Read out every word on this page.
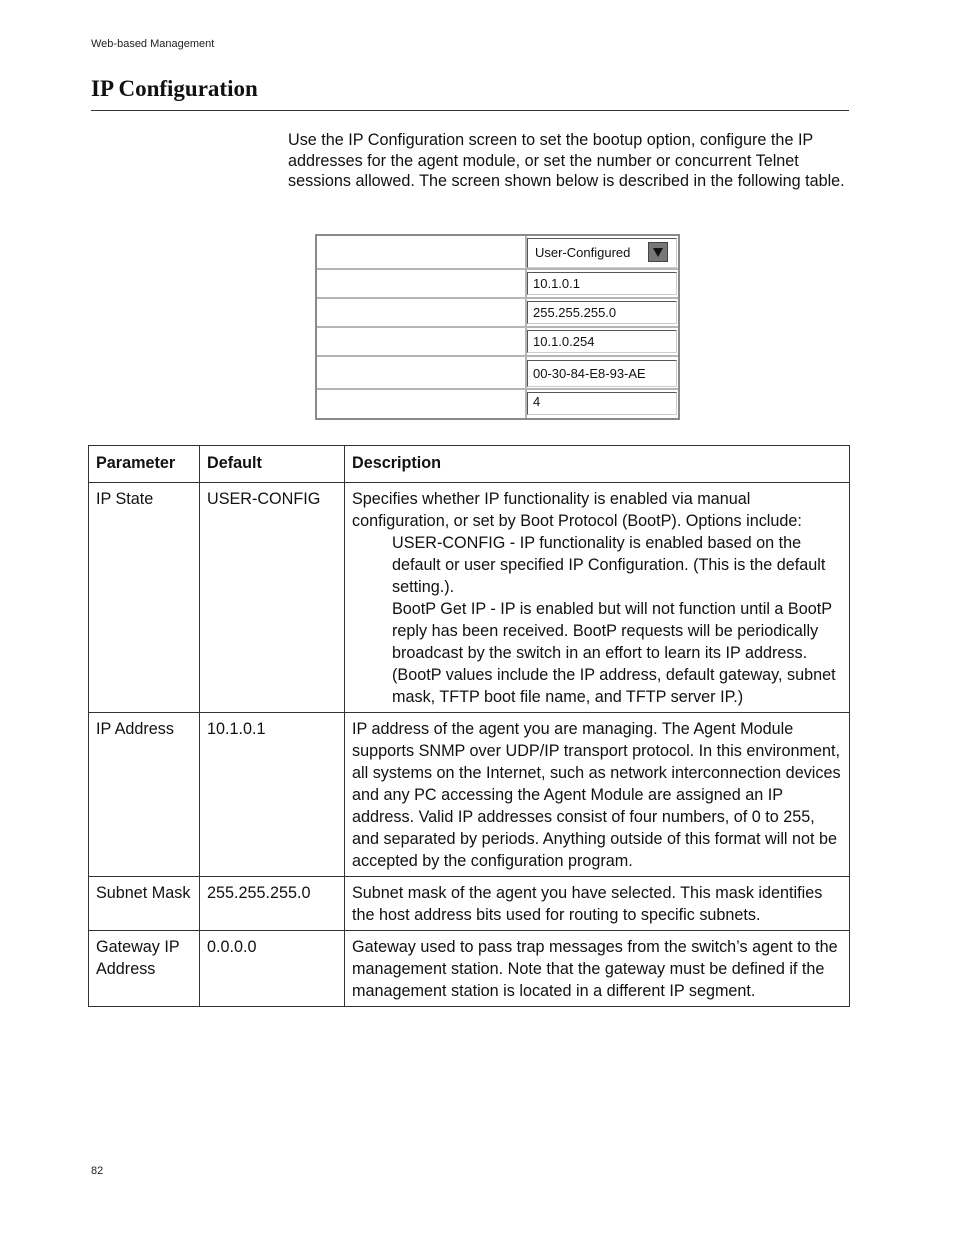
Web-based Management
IP Configuration

Use the IP Configuration screen to set the bootup option, configure the IP addresses for the agent module, or set the number or concurrent Telnet sessions allowed. The screen shown below is described in the following table.

User-Configured
10.1.0.1
255.255.255.0
10.1.0.254
00-30-84-E8-93-AE
4
Parameter	Default	Description
IP State	USER-CONFIG	Specifies whether IP functionality is enabled via manual configuration, or set by Boot Protocol (BootP). Options include:
USER-CONFIG - IP functionality is enabled based on the default or user specified IP Configuration. (This is the default setting.).
BootP Get IP - IP is enabled but will not function until a BootP reply has been received. BootP requests will be periodically broadcast by the switch in an effort to learn its IP address. (BootP values include the IP address, default gateway, subnet mask, TFTP boot file name, and TFTP server IP.)

IP Address	10.1.0.1	IP address of the agent you are managing. The Agent Module supports SNMP over UDP/IP transport protocol. In this environment, all systems on the Internet, such as network interconnection devices and any PC accessing the Agent Module are assigned an IP address. Valid IP addresses consist of four numbers, of 0 to 255, and separated by periods. Anything outside of this format will not be accepted by the configuration program.
Subnet Mask	255.255.255.0	Subnet mask of the agent you have selected. This mask identifies the host address bits used for routing to specific subnets.
Gateway IP Address	0.0.0.0	Gateway used to pass trap messages from the switch’s agent to the management station. Note that the gateway must be defined if the management station is located in a different IP segment.
82
